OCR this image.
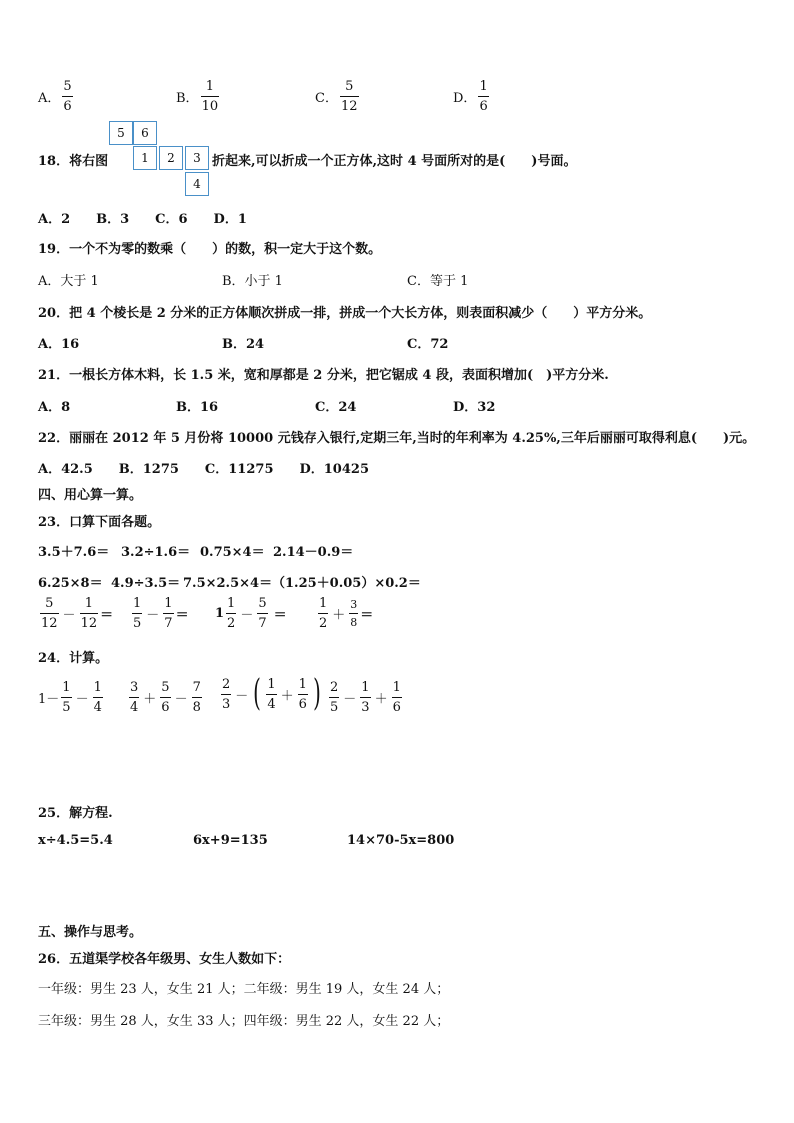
A． $\frac{5}{6}$	B． $\frac{1}{10}$	C． $\frac{5}{12}$	D． $\frac{1}{6}$
18．将右图
5	6
1	2	3
4
折起来,可以折成一个正方体,这时 4 号面所对的是(　　)号面。
A．2　　B．3　　C．6　　D．1
19．一个不为零的数乘（　　）的数，积一定大于这个数。
A．大于 1	B．小于 1	C．等于 1
20．把 4 个棱长是 2 分米的正方体顺次拼成一排，拼成一个大长方体，则表面积减少（　　）平方分米。
A．16	B．24	C．72
21．一根长方体木料，长 1.5 米，宽和厚都是 2 分米，把它锯成 4 段，表面积增加(　)平方分米.
A．8	B．16	C．24	D．32
22．丽丽在 2012 年 5 月份将 10000 元钱存入银行,定期三年,当时的年利率为 4.25%,三年后丽丽可取得利息(　　)元。
A．42.5　　B．1275　　C．11275　　D．10425
四、用心算一算。
23．口算下面各题。
3.5＋7.6＝ 3.2÷1.6＝ 0.75×4＝ 2.14－0.9＝
6.25×8＝ 4.9÷3.5＝ 7.5×2.5×4＝ （1.25＋0.05）×0.2＝
$\frac{5}{12} - \frac{1}{12} = \frac{1}{5} - \frac{1}{7} = 1 \frac{1}{2} - \frac{5}{7} = \frac{1}{2} + \frac{3}{8}$ ＝
24．计算。
$1- \frac{1}{5} - \frac{1}{4} \frac{3}{4} + \frac{5}{6} - \frac{7}{8} \frac{2}{3}$ － ( $\frac{1}{4} + \frac{1}{6}$ ) $\frac{2}{5} - \frac{1}{3} + \frac{1}{6}$
25．解方程.
x÷4.5=5.4	6x+9=135	14×70-5x=800
五、操作与思考。
26．五道渠学校各年级男、女生人数如下：
一年级：男生 23 人，女生 21 人；二年级：男生 19 人，女生 24 人；
三年级：男生 28 人，女生 33 人；四年级：男生 22 人，女生 22 人；
